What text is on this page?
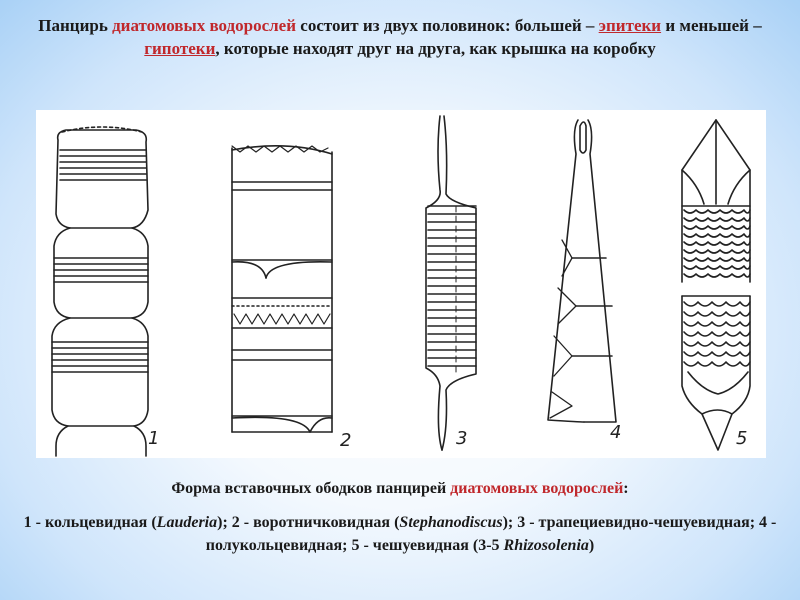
Панцирь диатомовых водорослей состоит из двух половинок: большей – эпитеки и меньшей – гипотеки, которые находят друг на друга, как крышка на коробку
1	2	3	4	5
Форма вставочных ободков панцирей диатомовых водорослей:
1 - кольцевидная (Lauderia); 2 - воротничковидная (Stephanodiscus); 3 - трапециевидно-чешуевидная; 4 - полукольцевидная; 5 - чешуевидная (3-5 Rhizosolenia)
